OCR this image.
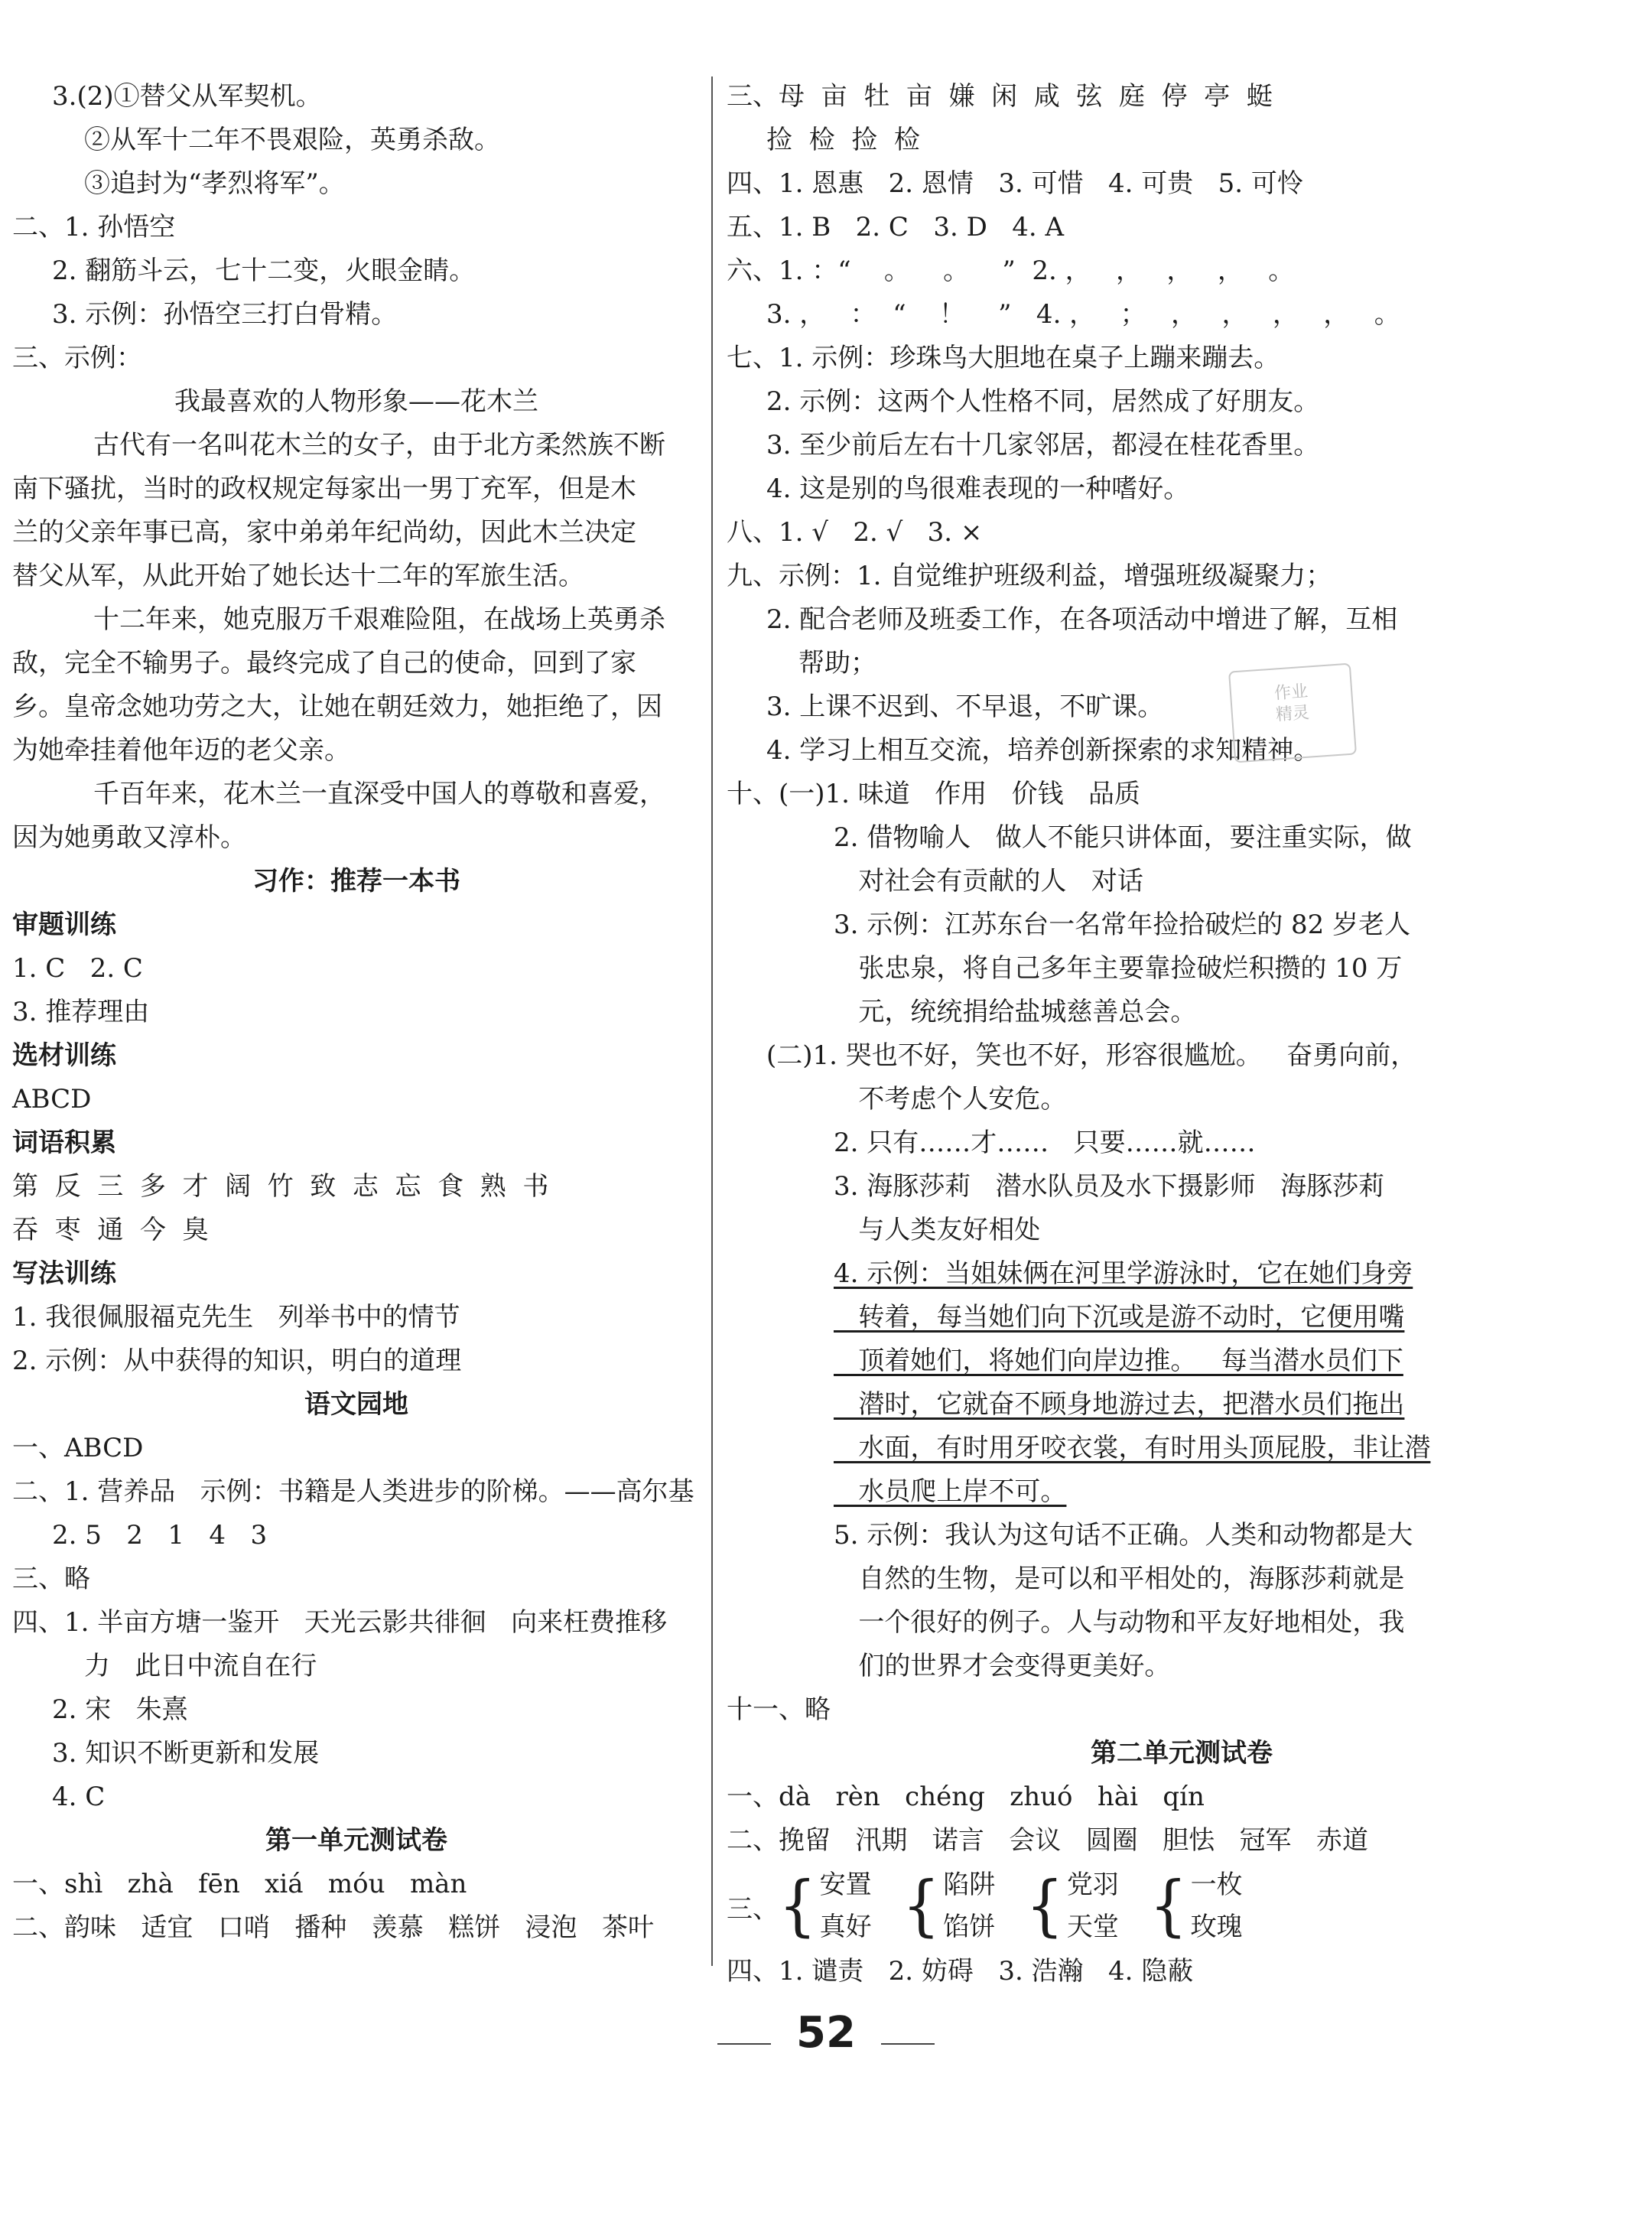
3.(2)①替父从军契机。
②从军十二年不畏艰险，英勇杀敌。
③追封为“孝烈将军”。
二、1. 孙悟空
2. 翻筋斗云，七十二变，火眼金睛。
3. 示例：孙悟空三打白骨精。
三、示例：
我最喜欢的人物形象——花木兰
古代有一名叫花木兰的女子，由于北方柔然族不断
南下骚扰，当时的政权规定每家出一男丁充军，但是木
兰的父亲年事已高，家中弟弟年纪尚幼，因此木兰决定
替父从军，从此开始了她长达十二年的军旅生活。
十二年来，她克服万千艰难险阻，在战场上英勇杀
敌，完全不输男子。最终完成了自己的使命，回到了家
乡。皇帝念她功劳之大，让她在朝廷效力，她拒绝了，因
为她牵挂着他年迈的老父亲。
千百年来，花木兰一直深受中国人的尊敬和喜爱，
因为她勇敢又淳朴。
习作：推荐一本书
审题训练
1. C   2. C
3. 推荐理由
选材训练
ABCD
词语积累
第  反  三  多  才  阔  竹  致  志  忘  食  熟  书
吞  枣  通  今  臭
写法训练
1. 我很佩服福克先生   列举书中的情节
2. 示例：从中获得的知识，明白的道理
语文园地
一、ABCD
二、1. 营养品   示例：书籍是人类进步的阶梯。——高尔基
2. 5   2   1   4   3
三、略
四、1. 半亩方塘一鉴开   天光云影共徘徊   向来枉费推移
力   此日中流自在行
2. 宋   朱熹
3. 知识不断更新和发展
4. C
第一单元测试卷
一、shì   zhà   fēn   xiá   móu   màn
二、韵味   适宜   口哨   播种   羡慕   糕饼   浸泡   茶叶
三、母  亩  牡  亩  嫌  闲  咸  弦  庭  停  亭  蜓
捡  检  捡  检
四、1. 恩惠   2. 恩情   3. 可惜   4. 可贵   5. 可怜
五、1. B   2. C   3. D   4. A
六、1. ：“    。    。    ”  2. ，   ，   ，   ，   。
3. ，   ：  “    ！    ”   4. ，   ；   ，   ，   ，   ，   。
七、1. 示例：珍珠鸟大胆地在桌子上蹦来蹦去。
2. 示例：这两个人性格不同，居然成了好朋友。
3. 至少前后左右十几家邻居，都浸在桂花香里。
4. 这是别的鸟很难表现的一种嗜好。
八、1. √   2. √   3. ×
九、示例：1. 自觉维护班级利益，增强班级凝聚力；
2. 配合老师及班委工作，在各项活动中增进了解，互相
帮助；
3. 上课不迟到、不早退，不旷课。
4. 学习上相互交流，培养创新探索的求知精神。
十、(一)1. 味道   作用   价钱   品质
2. 借物喻人   做人不能只讲体面，要注重实际，做
对社会有贡献的人   对话
3. 示例：江苏东台一名常年捡拾破烂的 82 岁老人
张忠泉，将自己多年主要靠捡破烂积攒的 10 万
元，统统捐给盐城慈善总会。
(二)1. 哭也不好，笑也不好，形容很尴尬。   奋勇向前，
不考虑个人安危。
2. 只有……才……   只要……就……
3. 海豚莎莉   潜水队员及水下摄影师   海豚莎莉
与人类友好相处
4. 示例：当姐妹俩在河里学游泳时，它在她们身旁
转着，每当她们向下沉或是游不动时，它便用嘴
顶着她们，将她们向岸边推。   每当潜水员们下
潜时，它就奋不顾身地游过去，把潜水员们拖出
水面，有时用牙咬衣裳，有时用头顶屁股，非让潜
水员爬上岸不可。
5. 示例：我认为这句话不正确。人类和动物都是大
自然的生物，是可以和平相处的，海豚莎莉就是
一个很好的例子。人与动物和平友好地相处，我
们的世界才会变得更美好。
十一、略
第二单元测试卷
一、dà   rèn   chéng   zhuó   hài   qín
二、挽留   汛期   诺言   会议   圆圈   胆怯   冠军   赤道
三、 { 安置
真好 { 陷阱
馅饼 { 党羽
天堂 { 一枚
玫瑰
四、1. 谴责   2. 妨碍   3. 浩瀚   4. 隐蔽
作业
精灵
52
